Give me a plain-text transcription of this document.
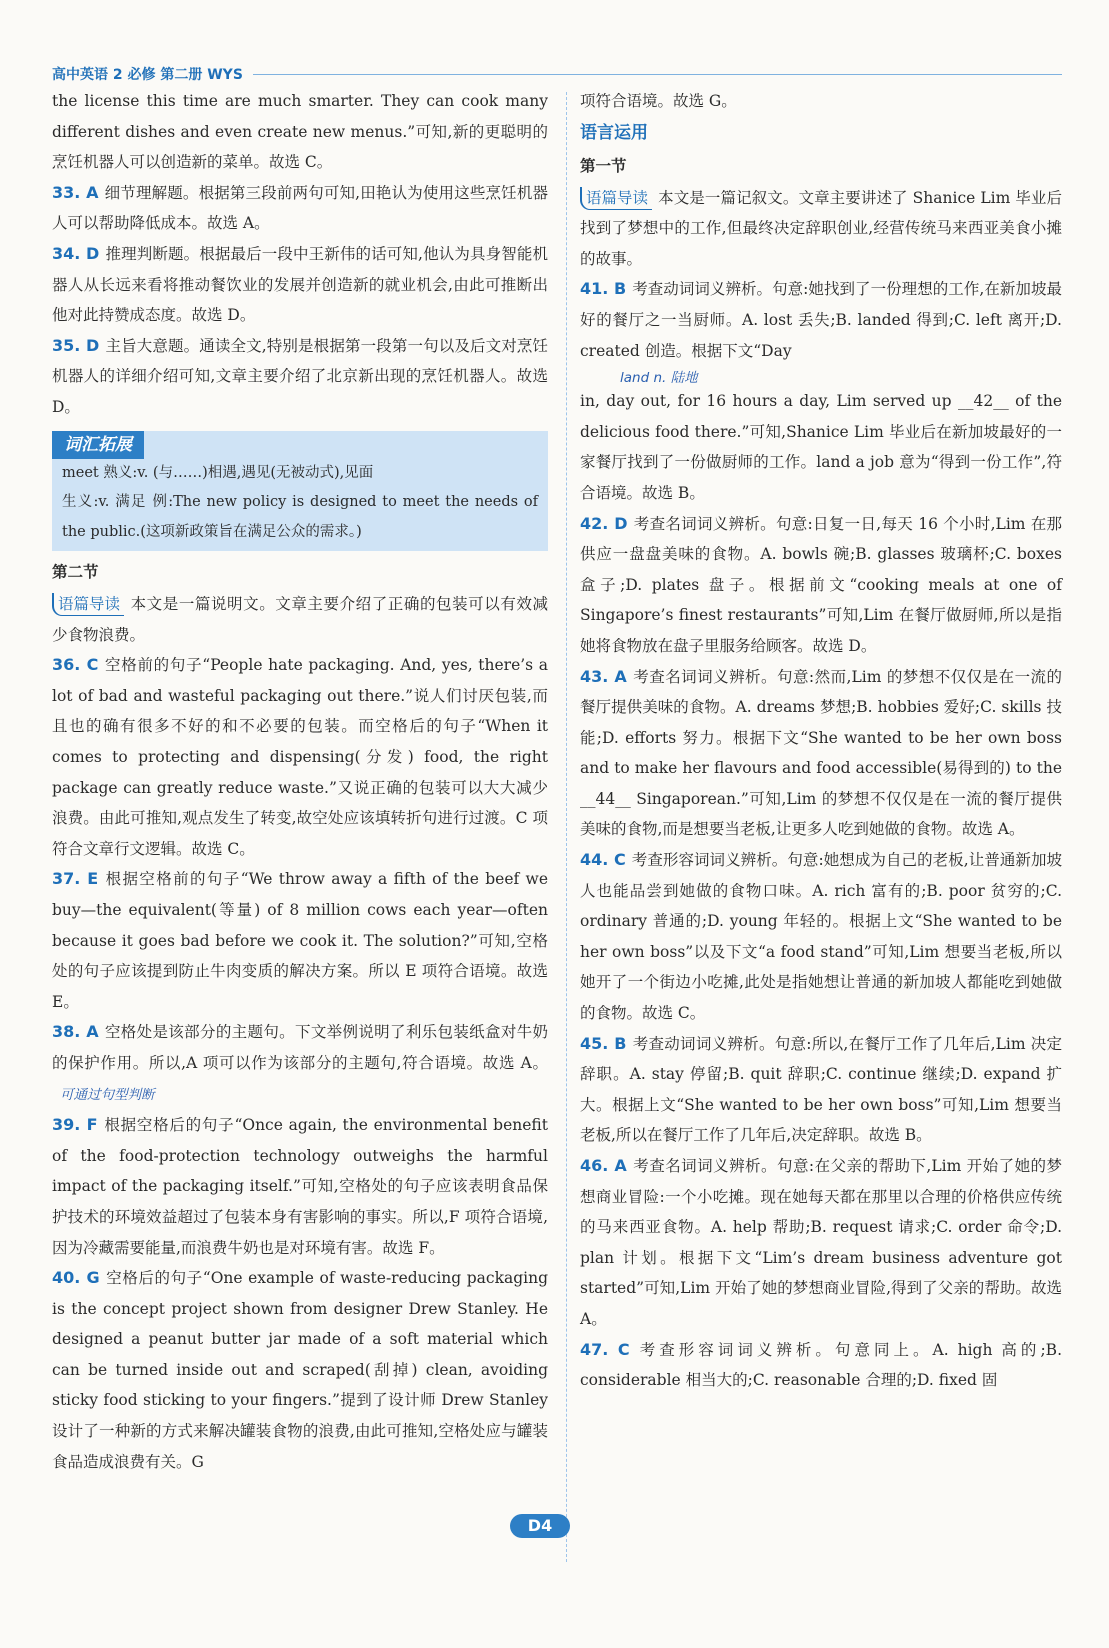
高中英语 2 必修 第二册 WYS

the license this time are much smarter. They can cook many different dishes and even create new menus.”可知,新的更聪明的烹饪机器人可以创造新的菜单。故选 C。

33. A 细节理解题。根据第三段前两句可知,田艳认为使用这些烹饪机器人可以帮助降低成本。故选 A。

34. D 推理判断题。根据最后一段中王新伟的话可知,他认为具身智能机器人从长远来看将推动餐饮业的发展并创造新的就业机会,由此可推断出他对此持赞成态度。故选 D。

35. D 主旨大意题。通读全文,特别是根据第一段第一句以及后文对烹饪机器人的详细介绍可知,文章主要介绍了北京新出现的烹饪机器人。故选 D。

词汇拓展

meet 熟义:v. (与……)相遇,遇见(无被动式),见面

生义:v. 满足 例:The new policy is designed to meet the needs of the public.(这项新政策旨在满足公众的需求。)

第二节

语篇导读 本文是一篇说明文。文章主要介绍了正确的包装可以有效减少食物浪费。

36. C 空格前的句子“People hate packaging. And, yes, there’s a lot of bad and wasteful packaging out there.”说人们讨厌包装,而且也的确有很多不好的和不必要的包装。而空格后的句子“When it comes to protecting and dispensing(分发) food, the right package can greatly reduce waste.”又说正确的包装可以大大减少浪费。由此可推知,观点发生了转变,故空处应该填转折句进行过渡。C 项符合文章行文逻辑。故选 C。

37. E 根据空格前的句子“We throw away a fifth of the beef we buy—the equivalent(等量) of 8 million cows each year—often because it goes bad before we cook it. The solution?”可知,空格处的句子应该提到防止牛肉变质的解决方案。所以 E 项符合语境。故选 E。

38. A 空格处是该部分的主题句。下文举例说明了利乐包装纸盒对牛奶的保护作用。所以,A 项可以作为该部分的主题句,符合语境。故选 A。可通过句型判断

39. F 根据空格后的句子“Once again, the environmental benefit of the food-protection technology outweighs the harmful impact of the packaging itself.”可知,空格处的句子应该表明食品保护技术的环境效益超过了包装本身有害影响的事实。所以,F 项符合语境,因为冷藏需要能量,而浪费牛奶也是对环境有害。故选 F。

40. G 空格后的句子“One example of waste-reducing packaging is the concept project shown from designer Drew Stanley. He designed a peanut butter jar made of a soft material which can be turned inside out and scraped(刮掉) clean, avoiding sticky food sticking to your fingers.”提到了设计师 Drew Stanley 设计了一种新的方式来解决罐装食物的浪费,由此可推知,空格处应与罐装食品造成浪费有关。G

项符合语境。故选 G。

语言运用

第一节

语篇导读 本文是一篇记叙文。文章主要讲述了 Shanice Lim 毕业后找到了梦想中的工作,但最终决定辞职创业,经营传统马来西亚美食小摊的故事。

41. B 考查动词词义辨析。句意:她找到了一份理想的工作,在新加坡最好的餐厅之一当厨师。A. lost 丢失;B. landed 得到;C. left 离开;D. created 创造。根据下文“Day

land n. 陆地

in, day out, for 16 hours a day, Lim served up __42__ of the delicious food there.”可知,Shanice Lim 毕业后在新加坡最好的一家餐厅找到了一份做厨师的工作。land a job 意为“得到一份工作”,符合语境。故选 B。

42. D 考查名词词义辨析。句意:日复一日,每天 16 个小时,Lim 在那供应一盘盘美味的食物。A. bowls 碗;B. glasses 玻璃杯;C. boxes 盒子;D. plates 盘子。根据前文“cooking meals at one of Singapore’s finest restaurants”可知,Lim 在餐厅做厨师,所以是指她将食物放在盘子里服务给顾客。故选 D。

43. A 考查名词词义辨析。句意:然而,Lim 的梦想不仅仅是在一流的餐厅提供美味的食物。A. dreams 梦想;B. hobbies 爱好;C. skills 技能;D. efforts 努力。根据下文“She wanted to be her own boss and to make her flavours and food accessible(易得到的) to the __44__ Singaporean.”可知,Lim 的梦想不仅仅是在一流的餐厅提供美味的食物,而是想要当老板,让更多人吃到她做的食物。故选 A。

44. C 考查形容词词义辨析。句意:她想成为自己的老板,让普通新加坡人也能品尝到她做的食物口味。A. rich 富有的;B. poor 贫穷的;C. ordinary 普通的;D. young 年轻的。根据上文“She wanted to be her own boss”以及下文“a food stand”可知,Lim 想要当老板,所以她开了一个街边小吃摊,此处是指她想让普通的新加坡人都能吃到她做的食物。故选 C。

45. B 考查动词词义辨析。句意:所以,在餐厅工作了几年后,Lim 决定辞职。A. stay 停留;B. quit 辞职;C. continue 继续;D. expand 扩大。根据上文“She wanted to be her own boss”可知,Lim 想要当老板,所以在餐厅工作了几年后,决定辞职。故选 B。

46. A 考查名词词义辨析。句意:在父亲的帮助下,Lim 开始了她的梦想商业冒险:一个小吃摊。现在她每天都在那里以合理的价格供应传统的马来西亚食物。A. help 帮助;B. request 请求;C. order 命令;D. plan 计划。根据下文“Lim’s dream business adventure got started”可知,Lim 开始了她的梦想商业冒险,得到了父亲的帮助。故选 A。

47. C 考查形容词词义辨析。句意同上。A. high 高的;B. considerable 相当大的;C. reasonable 合理的;D. fixed 固

D4
